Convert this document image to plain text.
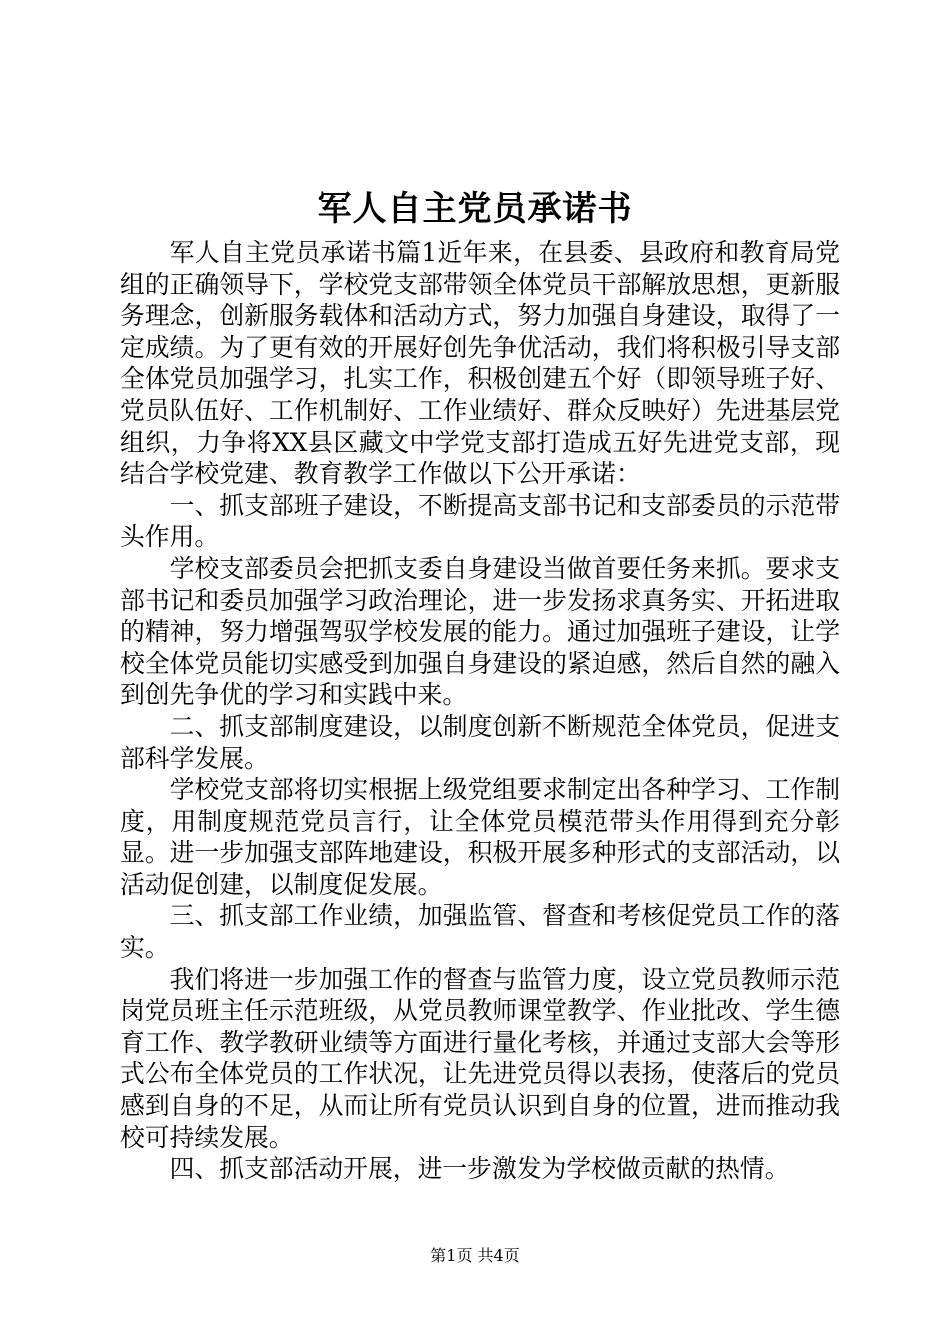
军人自主党员承诺书

军人自主党员承诺书篇1近年来，在县委、县政府和教育局党组的正确领导下，学校党支部带领全体党员干部解放思想，更新服务理念，创新服务载体和活动方式，努力加强自身建设，取得了一定成绩。为了更有效的开展好创先争优活动，我们将积极引导支部全体党员加强学习，扎实工作，积极创建五个好（即领导班子好、党员队伍好、工作机制好、工作业绩好、群众反映好）先进基层党组织，力争将XX县区藏文中学党支部打造成五好先进党支部，现结合学校党建、教育教学工作做以下公开承诺：

一、抓支部班子建设，不断提高支部书记和支部委员的示范带头作用。

学校支部委员会把抓支委自身建设当做首要任务来抓。要求支部书记和委员加强学习政治理论，进一步发扬求真务实、开拓进取的精神，努力增强驾驭学校发展的能力。通过加强班子建设，让学校全体党员能切实感受到加强自身建设的紧迫感，然后自然的融入到创先争优的学习和实践中来。

二、抓支部制度建设，以制度创新不断规范全体党员，促进支部科学发展。

学校党支部将切实根据上级党组要求制定出各种学习、工作制度，用制度规范党员言行，让全体党员模范带头作用得到充分彰显。进一步加强支部阵地建设，积极开展多种形式的支部活动，以活动促创建，以制度促发展。

三、抓支部工作业绩，加强监管、督查和考核促党员工作的落实。

我们将进一步加强工作的督查与监管力度，设立党员教师示范岗党员班主任示范班级，从党员教师课堂教学、作业批改、学生德育工作、教学教研业绩等方面进行量化考核，并通过支部大会等形式公布全体党员的工作状况，让先进党员得以表扬，使落后的党员感到自身的不足，从而让所有党员认识到自身的位置，进而推动我校可持续发展。

四、抓支部活动开展，进一步激发为学校做贡献的热情。

第1页 共4页
